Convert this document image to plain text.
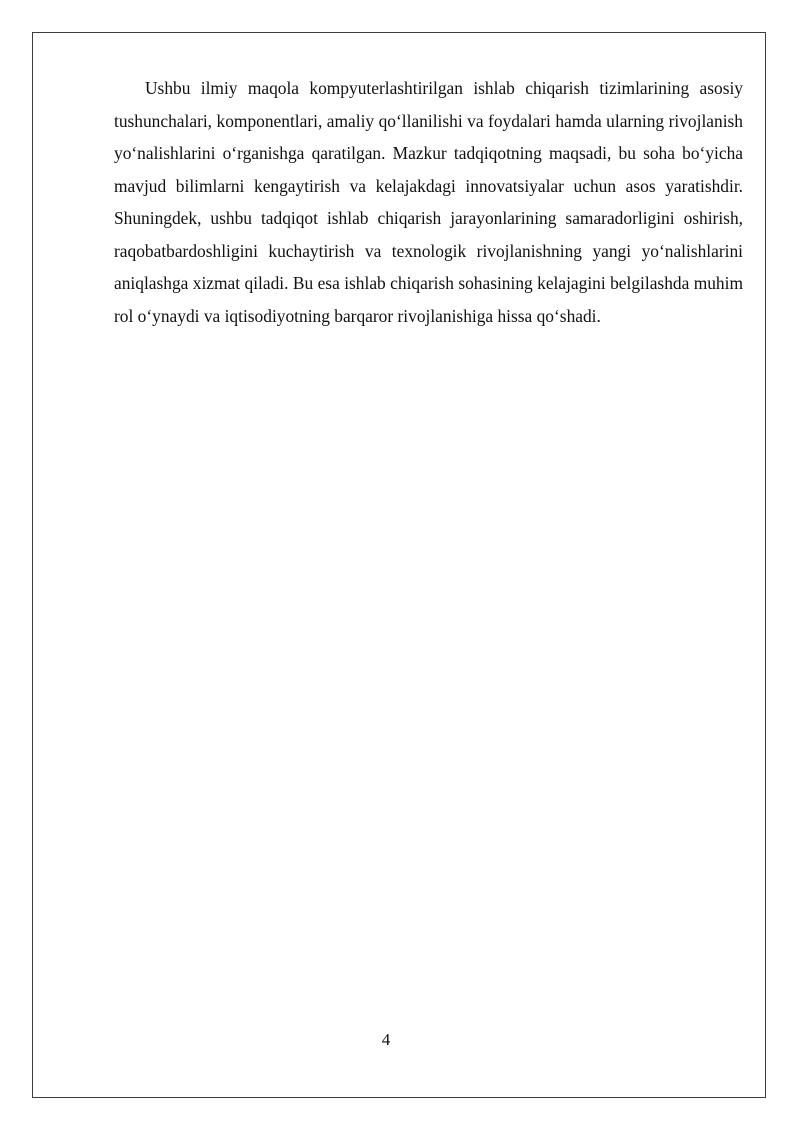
Ushbu ilmiy maqola kompyuterlashtirilgan ishlab chiqarish tizimlarining asosiy tushunchalari, komponentlari, amaliy qo‘llanilishi va foydalari hamda ularning rivojlanish yo‘nalishlarini o‘rganishga qaratilgan. Mazkur tadqiqotning maqsadi, bu soha bo‘yicha mavjud bilimlarni kengaytirish va kelajakdagi innovatsiyalar uchun asos yaratishdir. Shuningdek, ushbu tadqiqot ishlab chiqarish jarayonlarining samaradorligini oshirish, raqobatbardoshligini kuchaytirish va texnologik rivojlanishning yangi yo‘nalishlarini aniqlashga xizmat qiladi. Bu esa ishlab chiqarish sohasining kelajagini belgilashda muhim rol o‘ynaydi va iqtisodiyotning barqaror rivojlanishiga hissa qo‘shadi.

4
